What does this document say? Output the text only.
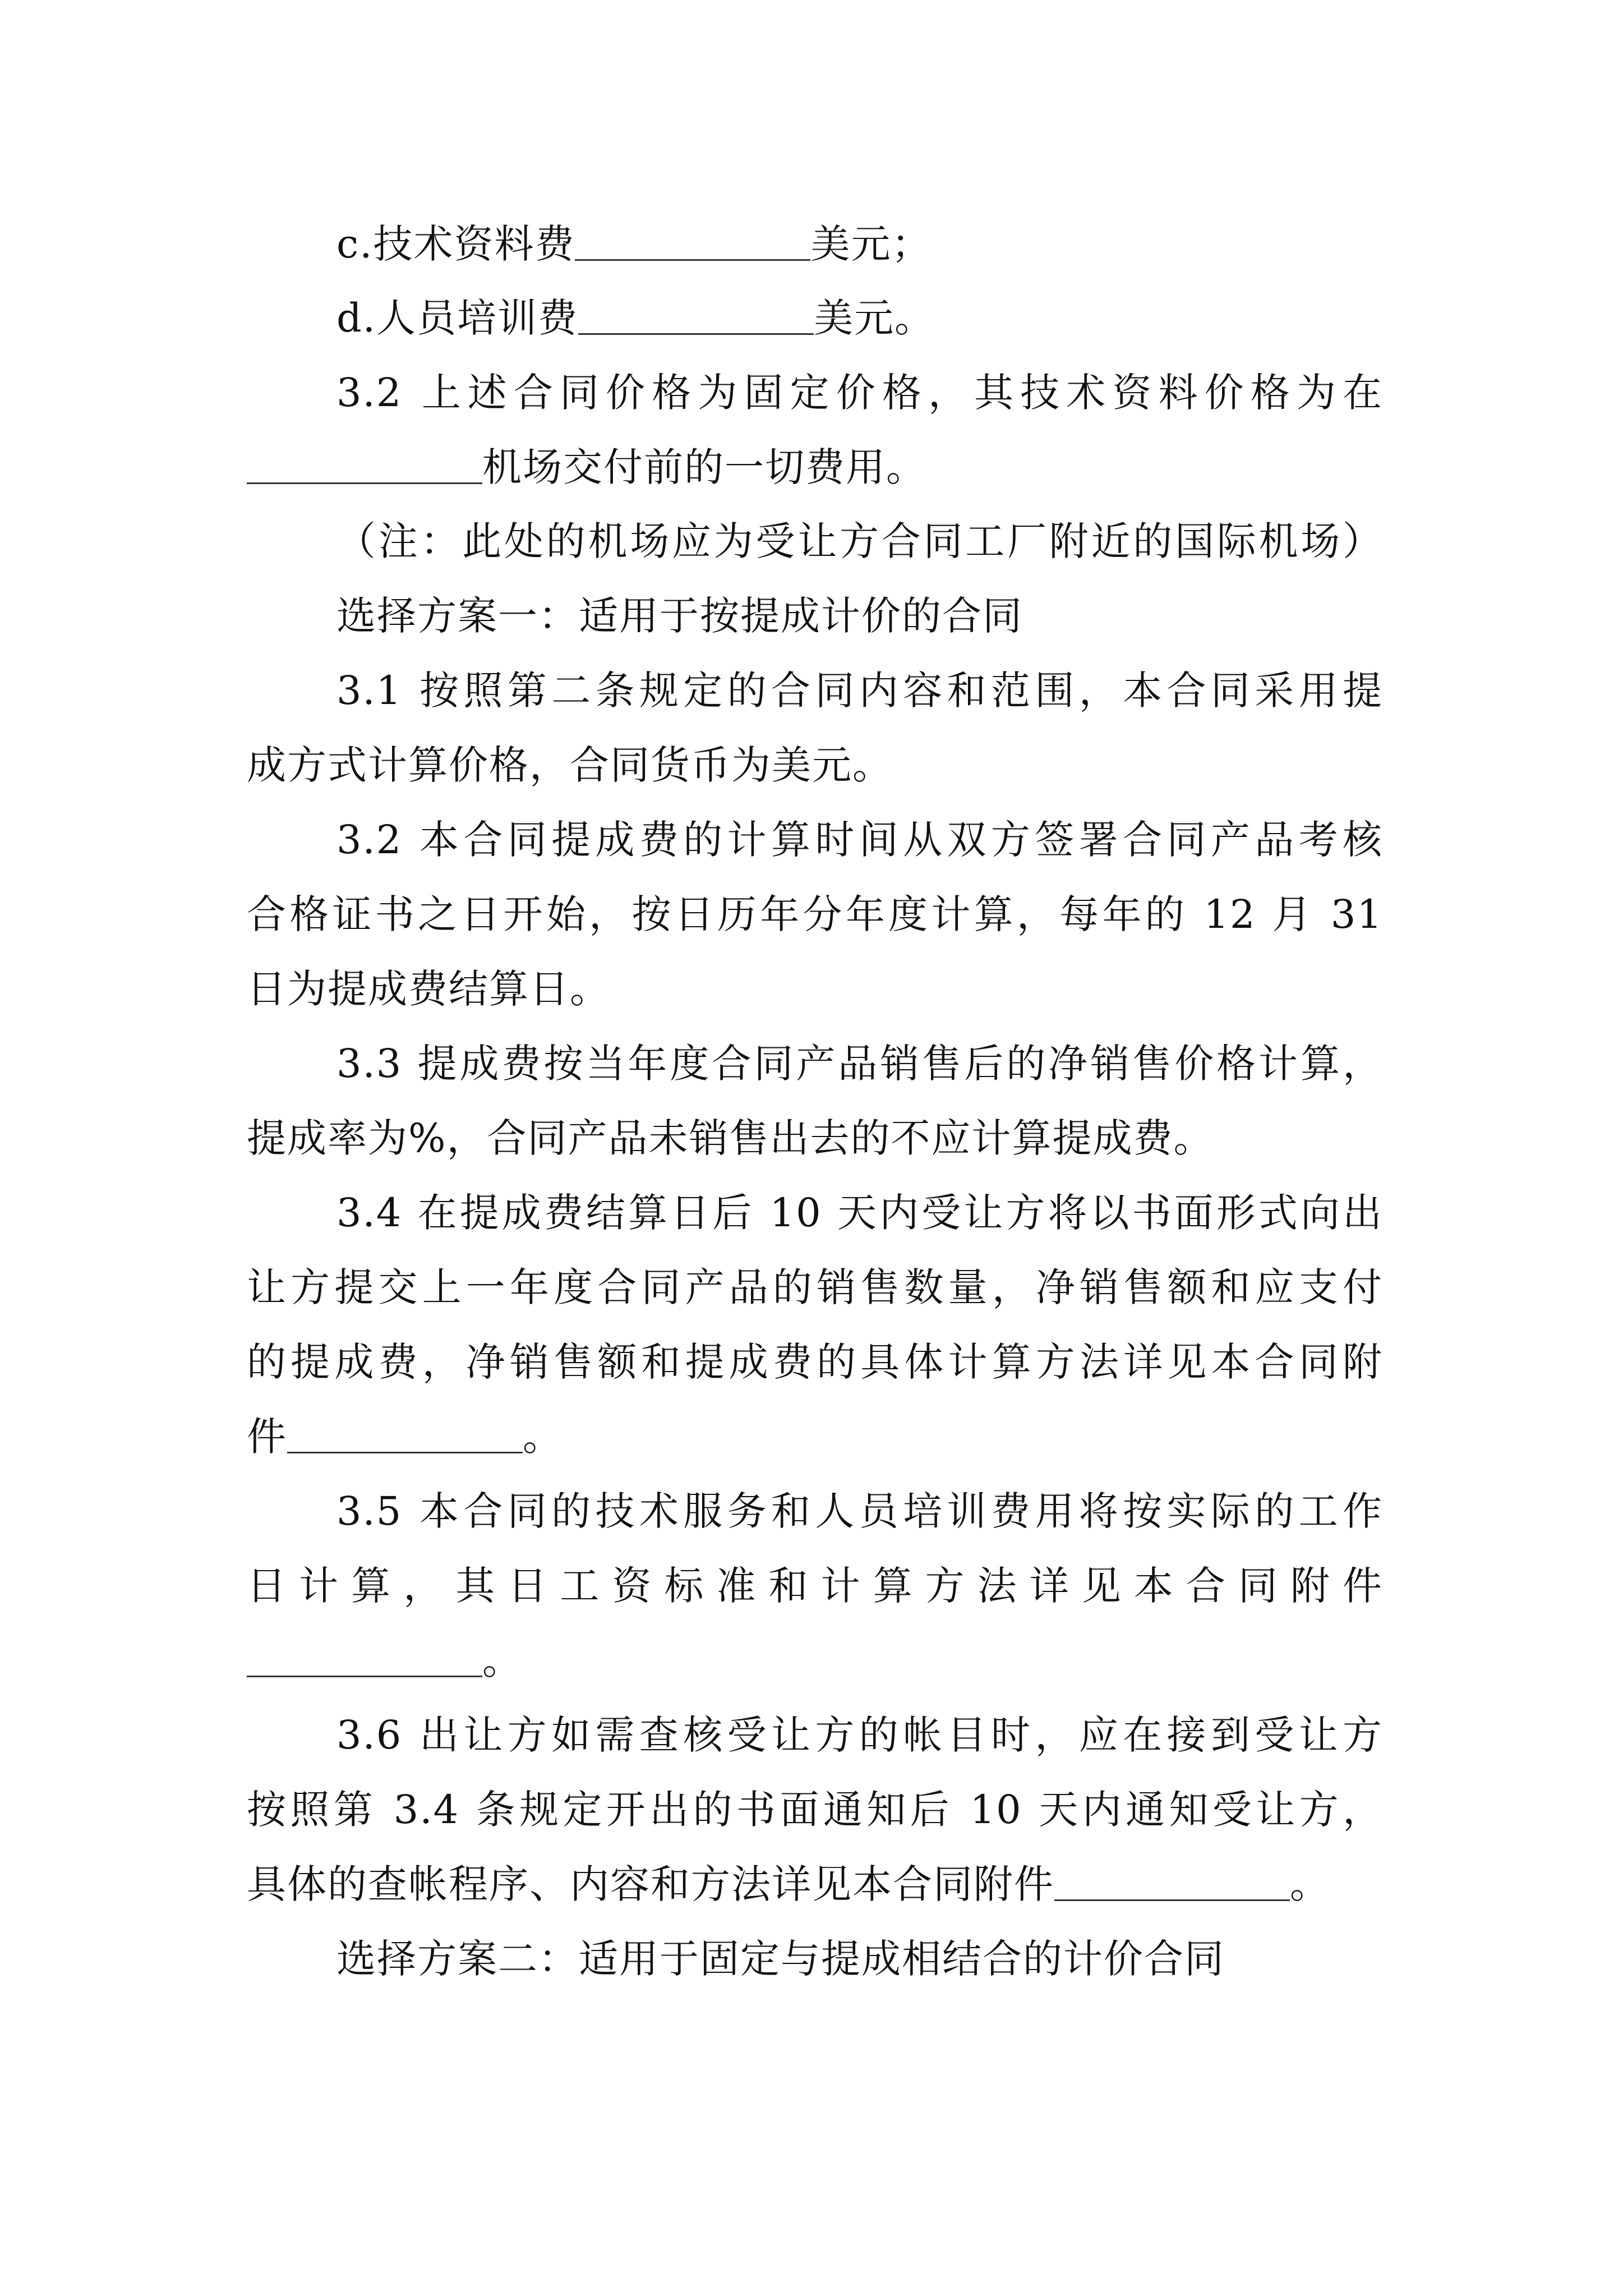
c.技术资料费	美元；
d.人员培训费	美元。
3.2 上述合同价格为固定价格，其技术资料价格为在
机场交付前的一切费用。
（注：此处的机场应为受让方合同工厂附近的国际机场）
选择方案一：适用于按提成计价的合同
3.1 按照第二条规定的合同内容和范围，本合同采用提
成方式计算价格，合同货币为美元。
3.2 本合同提成费的计算时间从双方签署合同产品考核
合格证书之日开始，按日历年分年度计算，每年的 12 月 31
日为提成费结算日。
3.3 提成费按当年度合同产品销售后的净销售价格计算，
提成率为%，合同产品未销售出去的不应计算提成费。
3.4 在提成费结算日后 10 天内受让方将以书面形式向出
让方提交上一年度合同产品的销售数量，净销售额和应支付
的提成费，净销售额和提成费的具体计算方法详见本合同附
件	。
3.5 本合同的技术服务和人员培训费用将按实际的工作
日计算，其日工资标准和计算方法详见本合同附件
。
3.6 出让方如需查核受让方的帐目时，应在接到受让方
按照第 3.4 条规定开出的书面通知后 10 天内通知受让方，
具体的查帐程序、内容和方法详见本合同附件	。
选择方案二：适用于固定与提成相结合的计价合同
